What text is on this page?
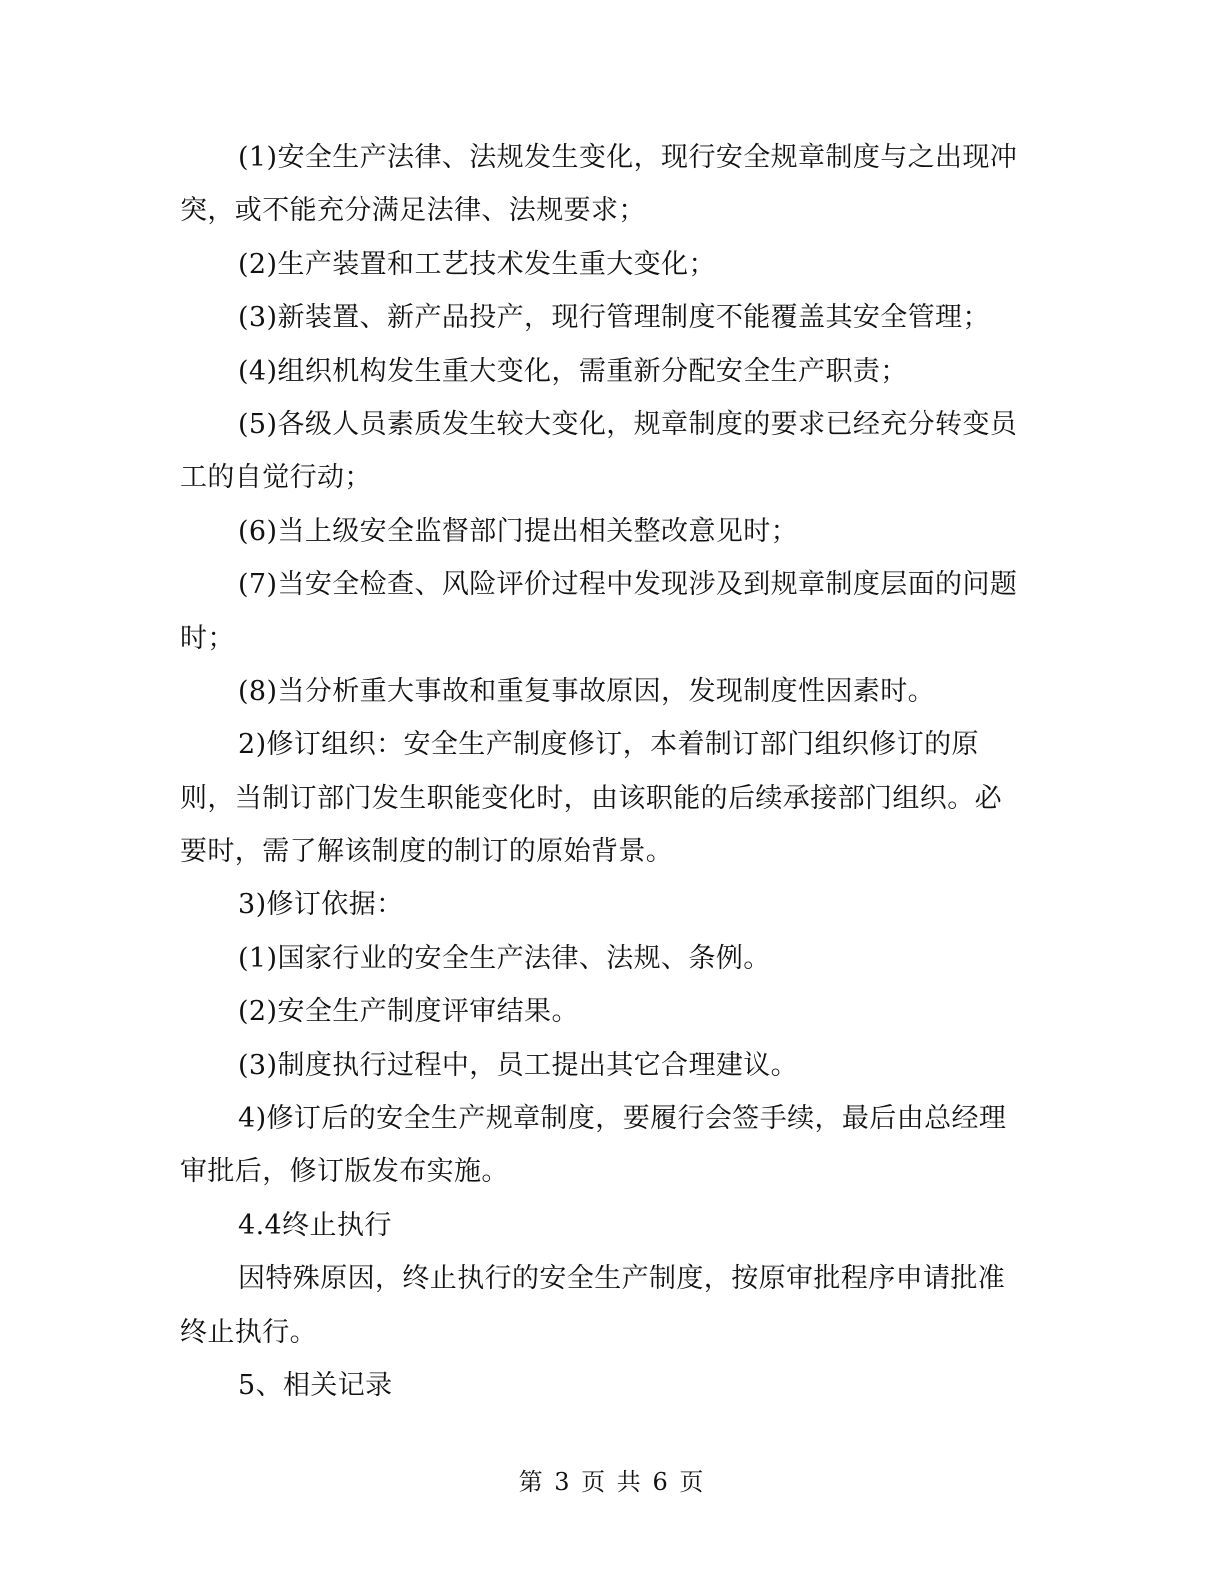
(1)安全生产法律、法规发生变化，现行安全规章制度与之出现冲
突，或不能充分满足法律、法规要求；
(2)生产装置和工艺技术发生重大变化；
(3)新装置、新产品投产，现行管理制度不能覆盖其安全管理；
(4)组织机构发生重大变化，需重新分配安全生产职责；
(5)各级人员素质发生较大变化，规章制度的要求已经充分转变员
工的自觉行动；
(6)当上级安全监督部门提出相关整改意见时；
(7)当安全检查、风险评价过程中发现涉及到规章制度层面的问题
时；
(8)当分析重大事故和重复事故原因，发现制度性因素时。
2)修订组织：安全生产制度修订，本着制订部门组织修订的原
则，当制订部门发生职能变化时，由该职能的后续承接部门组织。必
要时，需了解该制度的制订的原始背景。
3)修订依据：
(1)国家行业的安全生产法律、法规、条例。
(2)安全生产制度评审结果。
(3)制度执行过程中，员工提出其它合理建议。
4)修订后的安全生产规章制度，要履行会签手续，最后由总经理
审批后，修订版发布实施。
4.4终止执行
因特殊原因，终止执行的安全生产制度，按原审批程序申请批准
终止执行。
5、相关记录
第 3 页 共 6 页
